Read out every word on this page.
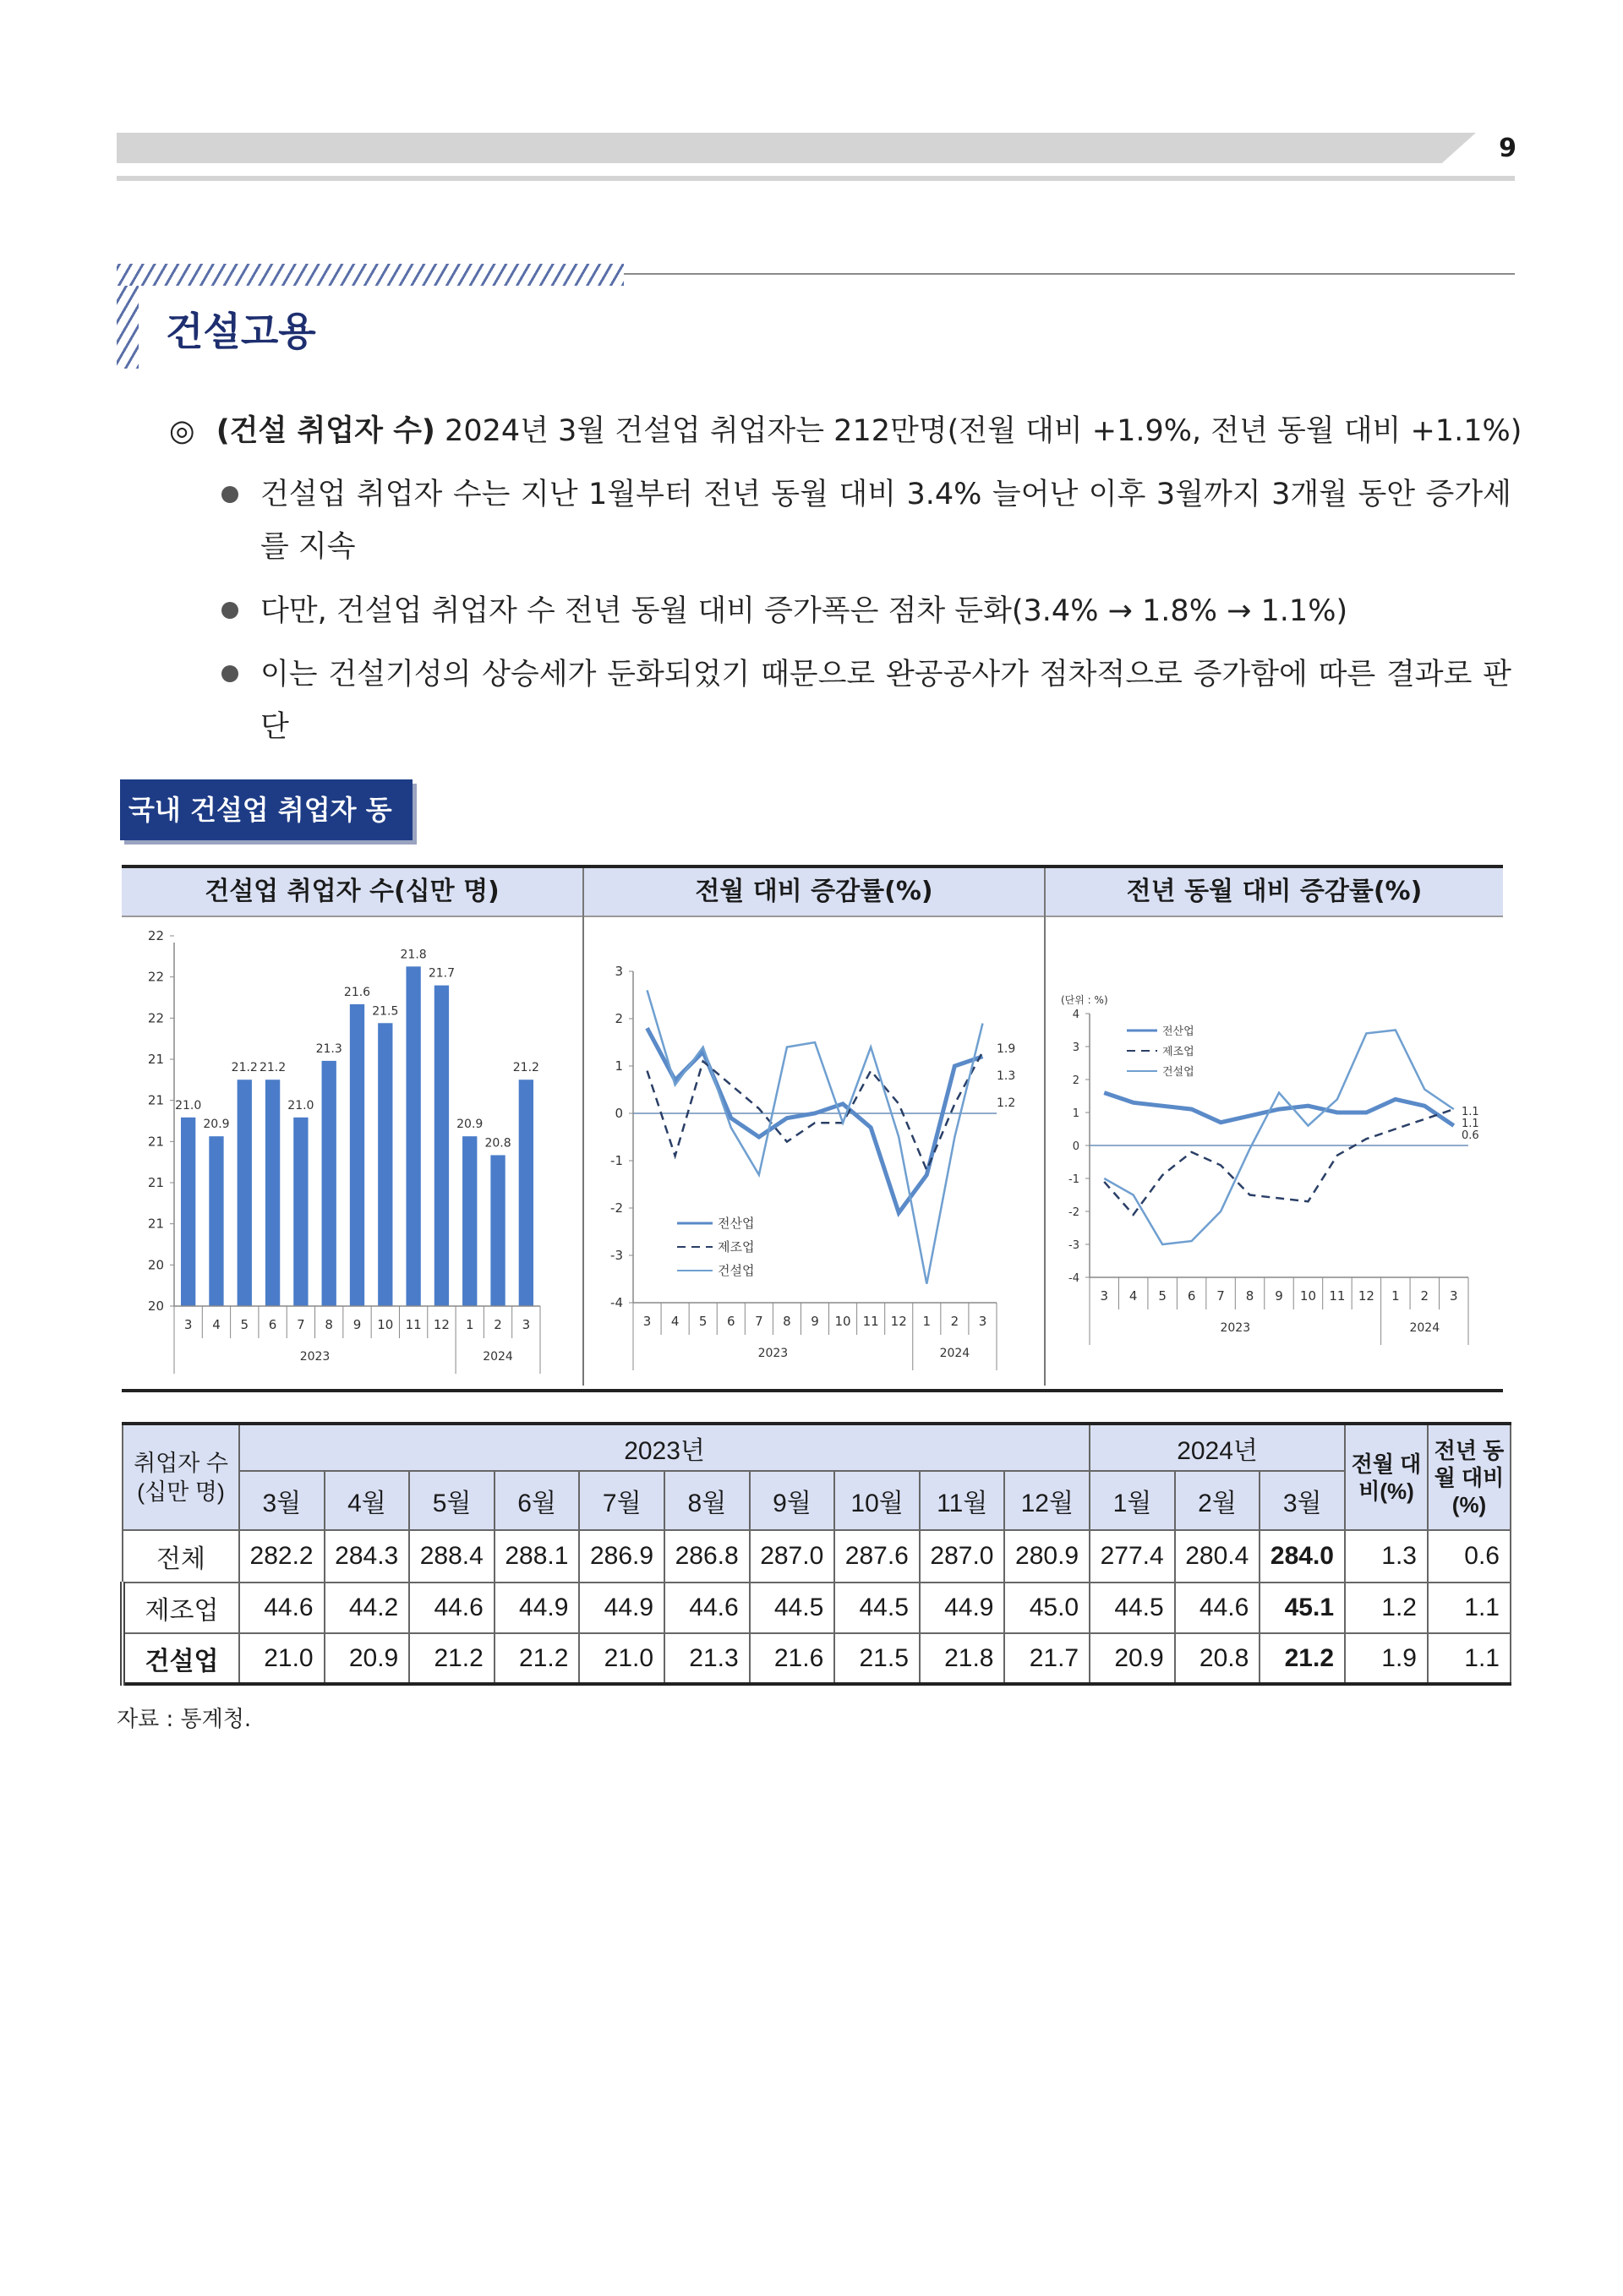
9
건설고용
◎ (건설 취업자 수) 2024년 3월 건설업 취업자는 212만명(전월 대비 +1.9%, 전년 동월 대비 +1.1%)
건설업 취업자 수는 지난 1월부터 전년 동월 대비 3.4% 늘어난 이후 3월까지 3개월 동안 증가세를 지속
다만, 건설업 취업자 수 전년 동월 대비 증가폭은 점차 둔화(3.4% → 1.8% → 1.1%)
이는 건설기성의 상승세가 둔화되었기 때문으로 완공공사가 점차적으로 증가함에 따른 결과로 판단
국내 건설업 취업자 동
건설업 취업자 수(십만 명)	전월 대비 증감률(%)	전년 동월 대비 증감률(%)
22
22
22
21
21
21
21
21
20
20
21.0
20.9
21.2 21.2
21.0
21.3
21.6
21.5
21.8
21.7
20.9
20.8
21.2
3 4 5 6 7 8 9 10 11 12 1 2 3
2023	2024
3
2
1
0
-1
-2
-3
-4
전산업
제조업
건설업
1.9
1.3
1.2
3 4 5 6 7 8 9 10 11 12 1 2 3
2023	2024
4
3
2
1
0
-1
-2
-3
-4
전산업
제조업
건설업
1.1
1.1
0.6
3 4 5 6 7 8 9 10 11 12 1 2 3
2023	2024
(단위 : %)
취업자 수 (십만 명)	2023년										2024년			전월 대비(%)	전년 동월 대비(%)
	3월	4월	5월	6월	7월	8월	9월	10월	11월	12월	1월	2월	3월		
전체	282.2	284.3	288.4	288.1	286.9	286.8	287.0	287.6	287.0	280.9	277.4	280.4	284.0	1.3	0.6
제조업	44.6	44.2	44.6	44.9	44.9	44.6	44.5	44.5	44.9	45.0	44.5	44.6	45.1	1.2	1.1
건설업	21.0	20.9	21.2	21.2	21.0	21.3	21.6	21.5	21.8	21.7	20.9	20.8	21.2	1.9	1.1
자료 : 통계청.
